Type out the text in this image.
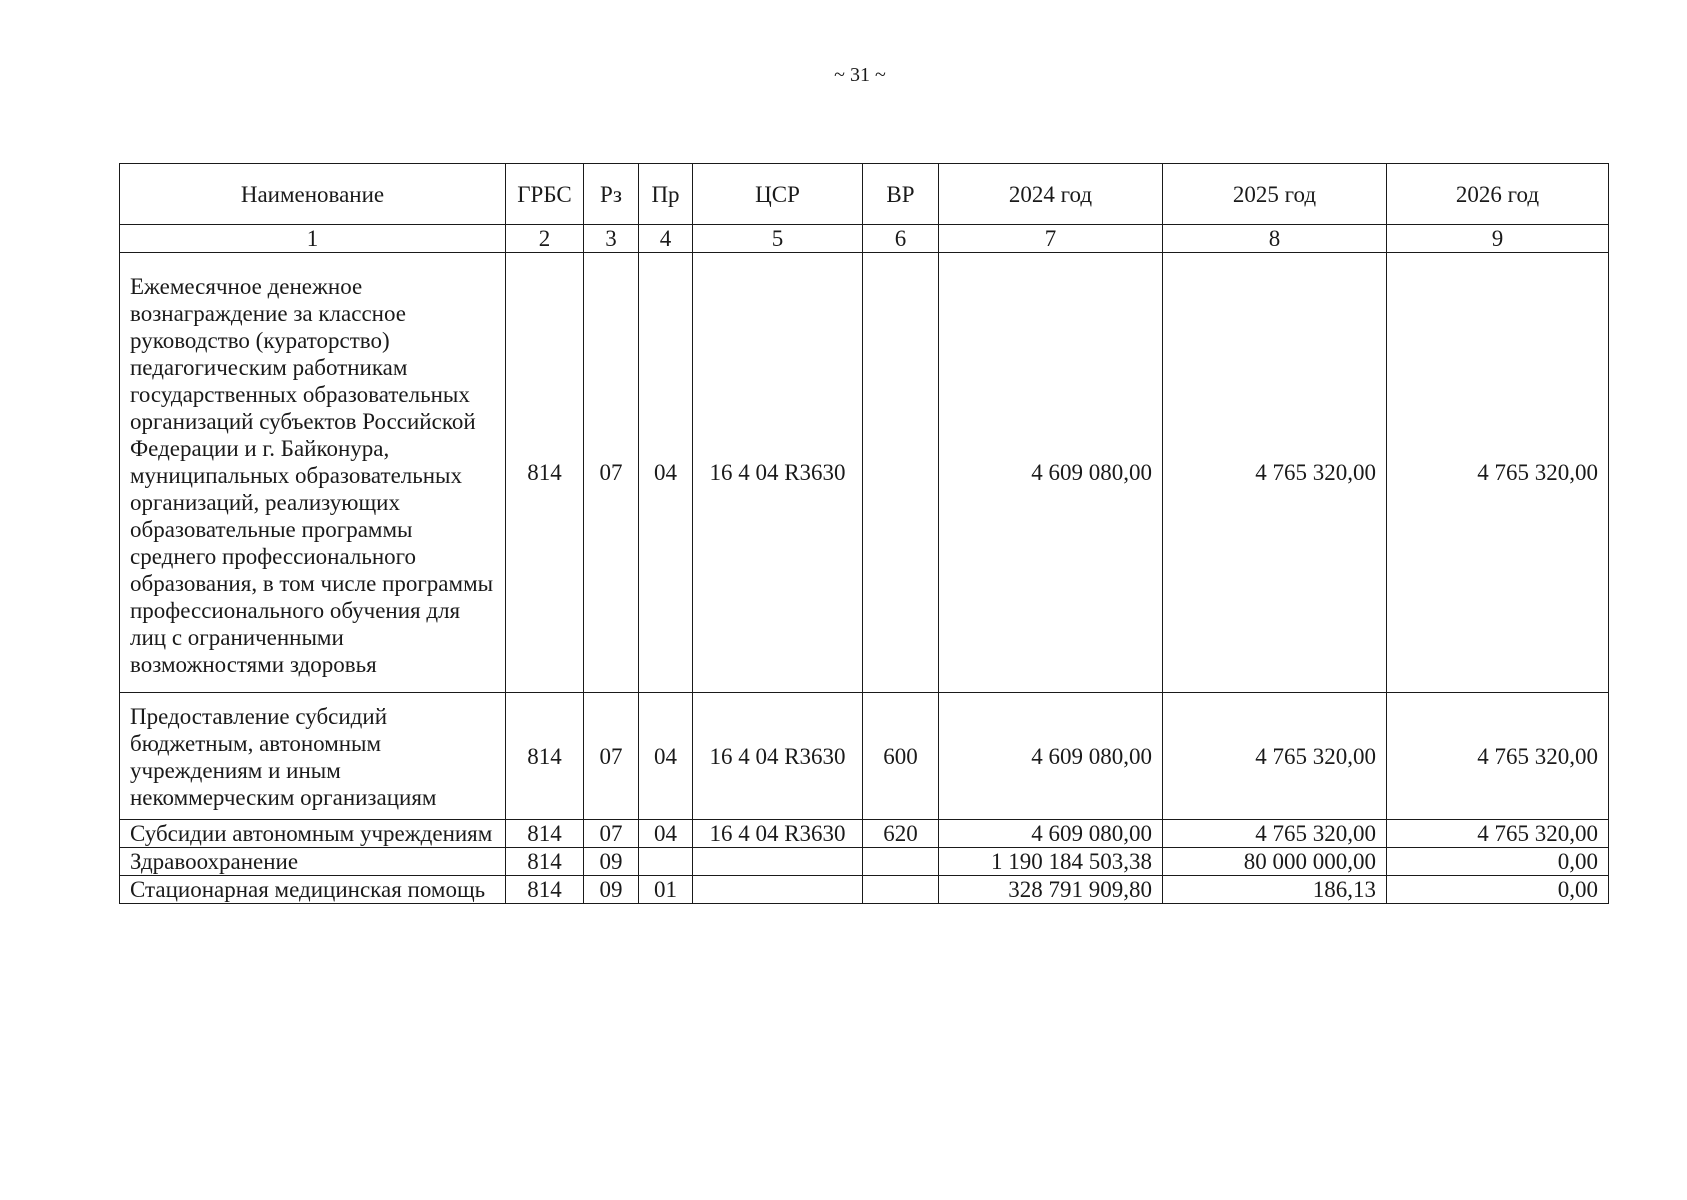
~ 31 ~
Наименование	ГРБС	Рз	Пр	ЦСР	ВР	2024 год	2025 год	2026 год
1	2	3	4	5	6	7	8	9
Ежемесячное денежное вознаграждение за классное руководство (кураторство) педагогическим работникам государственных образовательных организаций субъектов Российской Федерации и г. Байконура, муниципальных образовательных организаций, реализующих образовательные программы среднего профессионального образования, в том числе программы профессионального обучения для лиц с ограниченными возможностями здоровья	814	07	04	16 4 04 R3630		4 609 080,00	4 765 320,00	4 765 320,00
Предоставление субсидий бюджетным, автономным учреждениям и иным некоммерческим организациям	814	07	04	16 4 04 R3630	600	4 609 080,00	4 765 320,00	4 765 320,00
Субсидии автономным учреждениям	814	07	04	16 4 04 R3630	620	4 609 080,00	4 765 320,00	4 765 320,00
Здравоохранение	814	09				1 190 184 503,38	80 000 000,00	0,00
Стационарная медицинская помощь	814	09	01			328 791 909,80	186,13	0,00
